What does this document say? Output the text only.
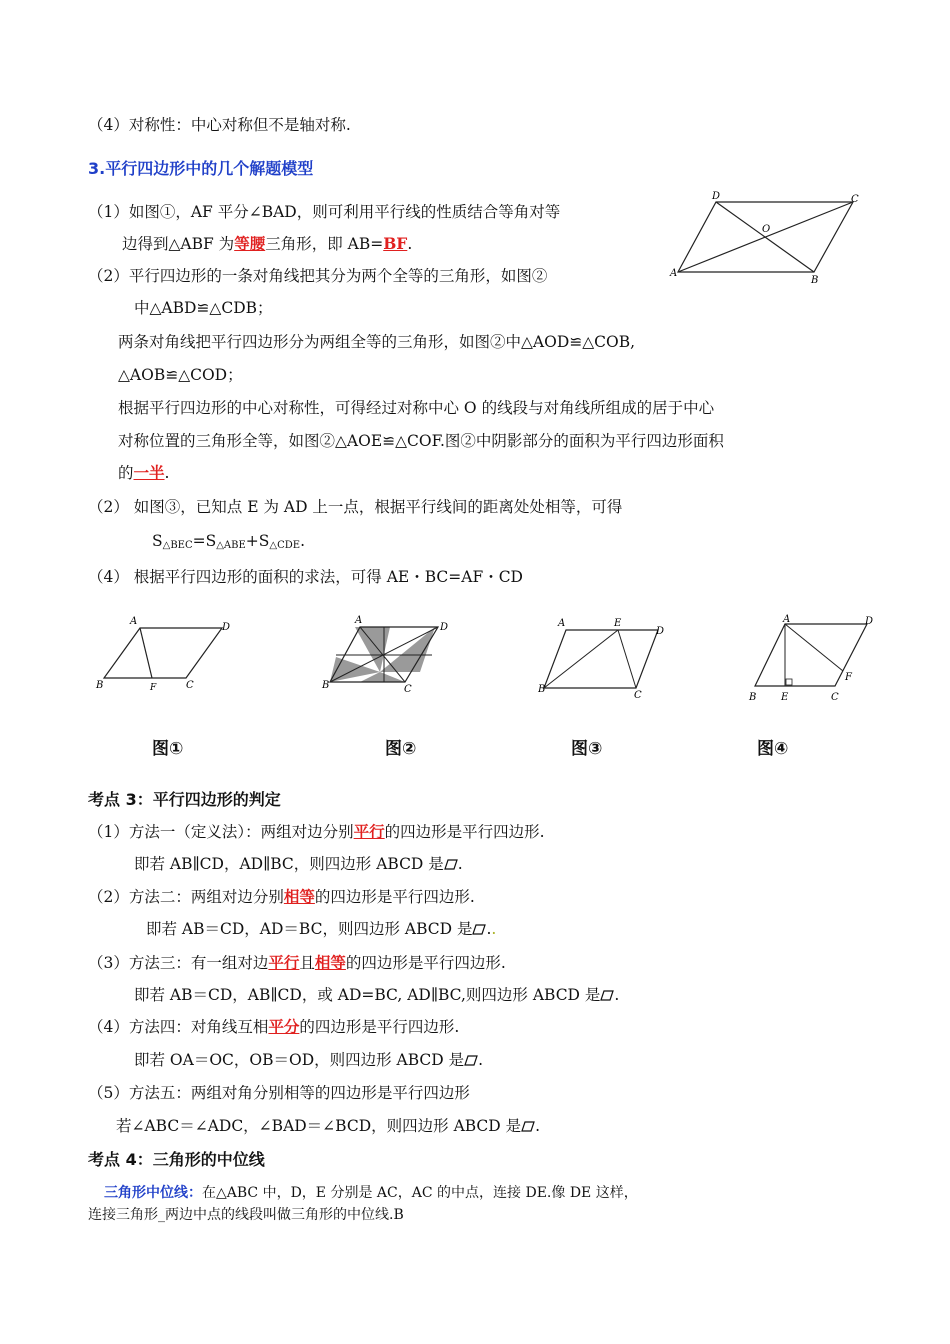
（4）对称性：中心对称但不是轴对称.
3.平行四边形中的几个解题模型
（1）如图①，AF 平分∠BAD，则可利用平行线的性质结合等角对等
边得到△ABF 为等腰三角形，即 AB=BF.
（2）平行四边形的一条对角线把其分为两个全等的三角形，如图②
中△ABD≌△CDB；
两条对角线把平行四边形分为两组全等的三角形，如图②中△AOD≌△COB,
△AOB≌△COD；
根据平行四边形的中心对称性，可得经过对称中心 O 的线段与对角线所组成的居于中心
对称位置的三角形全等，如图②△AOE≌△COF.图②中阴影部分的面积为平行四边形面积
的一半.
（2） 如图③，已知点 E 为 AD 上一点，根据平行线间的距离处处相等，可得
$S_{\triangle BEC}=S_{\triangle ABE}+S_{\triangle CDE}$.
（4） 根据平行四边形的面积的求法，可得 AE・BC=AF・CD
A
B
C
D
O
B
A
D
C
F
A
D
B	C
A	E
D
B
C
A	D
B E	C
F
图①	图②	图③	图④
考点 3：平行四边形的判定
（1）方法一（定义法）：两组对边分别平行的四边形是平行四边形.
即若 AB∥CD，AD∥BC，则四边形 ABCD 是 .
（2）方法二：两组对边分别相等的四边形是平行四边形.
即若 AB＝CD，AD＝BC，则四边形 ABCD 是 ..
（3）方法三：有一组对边平行且相等的四边形是平行四边形.
即若 AB＝CD，AB∥CD，或 AD=BC, AD∥BC,则四边形 ABCD 是 .
（4）方法四：对角线互相平分的四边形是平行四边形.
即若 OA＝OC，OB＝OD，则四边形 ABCD 是 .
（5）方法五：两组对角分别相等的四边形是平行四边形
若∠ABC＝∠ADC，∠BAD＝∠BCD，则四边形 ABCD 是 .
考点 4：三角形的中位线
三角形中位线：在△ABC 中，D，E 分别是 AC，AC 的中点，连接 DE.像 DE 这样，
连接三角形_两边中点的线段叫做三角形的中位线.B
